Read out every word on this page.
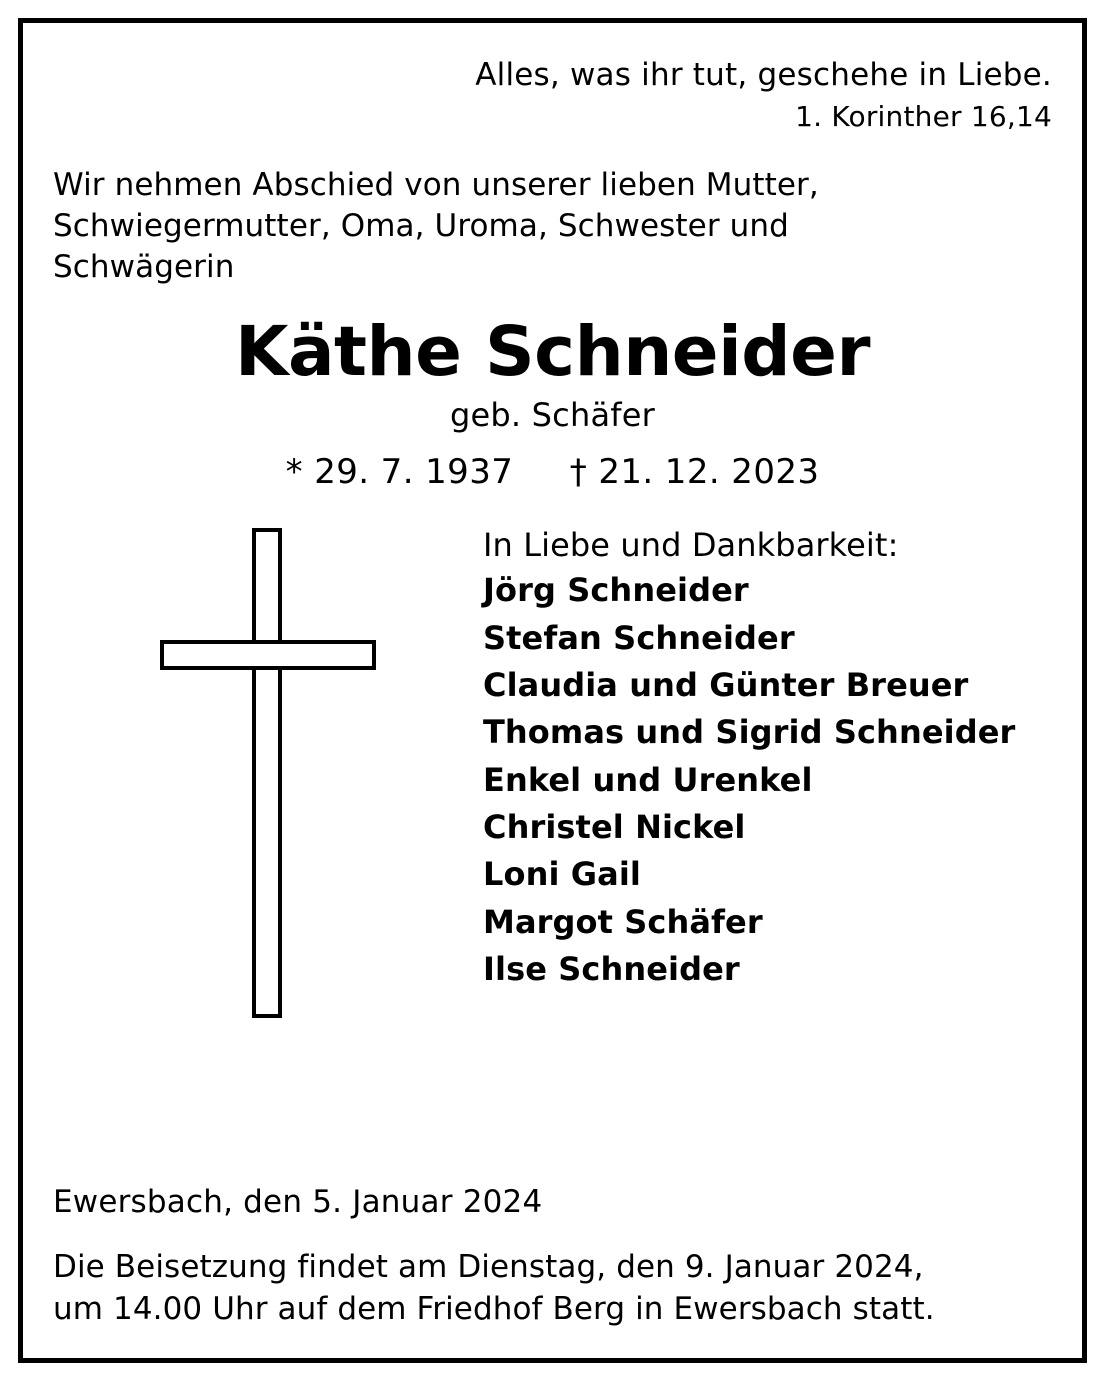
Alles, was ihr tut, geschehe in Liebe.
1. Korinther 16,14
Wir nehmen Abschied von unserer lieben Mutter,
Schwiegermutter, Oma, Uroma, Schwester und
Schwägerin
Käthe Schneider
geb. Schäfer
* 29. 7. 1937 † 21. 12. 2023
In Liebe und Dankbarkeit:
Jörg Schneider
Stefan Schneider
Claudia und Günter Breuer
Thomas und Sigrid Schneider
Enkel und Urenkel
Christel Nickel
Loni Gail
Margot Schäfer
Ilse Schneider
Ewersbach, den 5. Januar 2024
Die Beisetzung findet am Dienstag, den 9. Januar 2024,
um 14.00 Uhr auf dem Friedhof Berg in Ewersbach statt.
